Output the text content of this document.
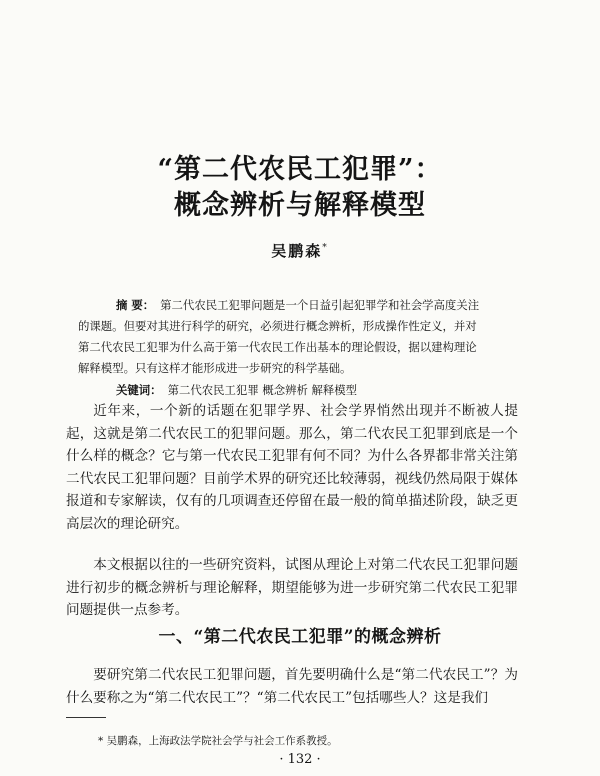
“第二代农民工犯罪”：
概念辨析与解释模型
吴鹏森*
摘 要： 第二代农民工犯罪问题是一个日益引起犯罪学和社会学高度关注的课题。但要对其进行科学的研究，必须进行概念辨析，形成操作性定义，并对第二代农民工犯罪为什么高于第一代农民工作出基本的理论假设，据以建构理论解释模型。只有这样才能形成进一步研究的科学基础。
关键词： 第二代农民工犯罪 概念辨析 解释模型

近年来，一个新的话题在犯罪学界、社会学界悄然出现并不断被人提起，这就是第二代农民工的犯罪问题。那么，第二代农民工犯罪到底是一个什么样的概念？它与第一代农民工犯罪有何不同？为什么各界都非常关注第二代农民工犯罪问题？目前学术界的研究还比较薄弱，视线仍然局限于媒体报道和专家解读，仅有的几项调查还停留在最一般的简单描述阶段，缺乏更高层次的理论研究。

本文根据以往的一些研究资料，试图从理论上对第二代农民工犯罪问题进行初步的概念辨析与理论解释，期望能够为进一步研究第二代农民工犯罪问题提供一点参考。

一、“第二代农民工犯罪”的概念辨析

要研究第二代农民工犯罪问题，首先要明确什么是“第二代农民工”？为什么要称之为“第二代农民工”？“第二代农民工”包括哪些人？这是我们

* 吴鹏森，上海政法学院社会学与社会工作系教授。
· 132 ·
